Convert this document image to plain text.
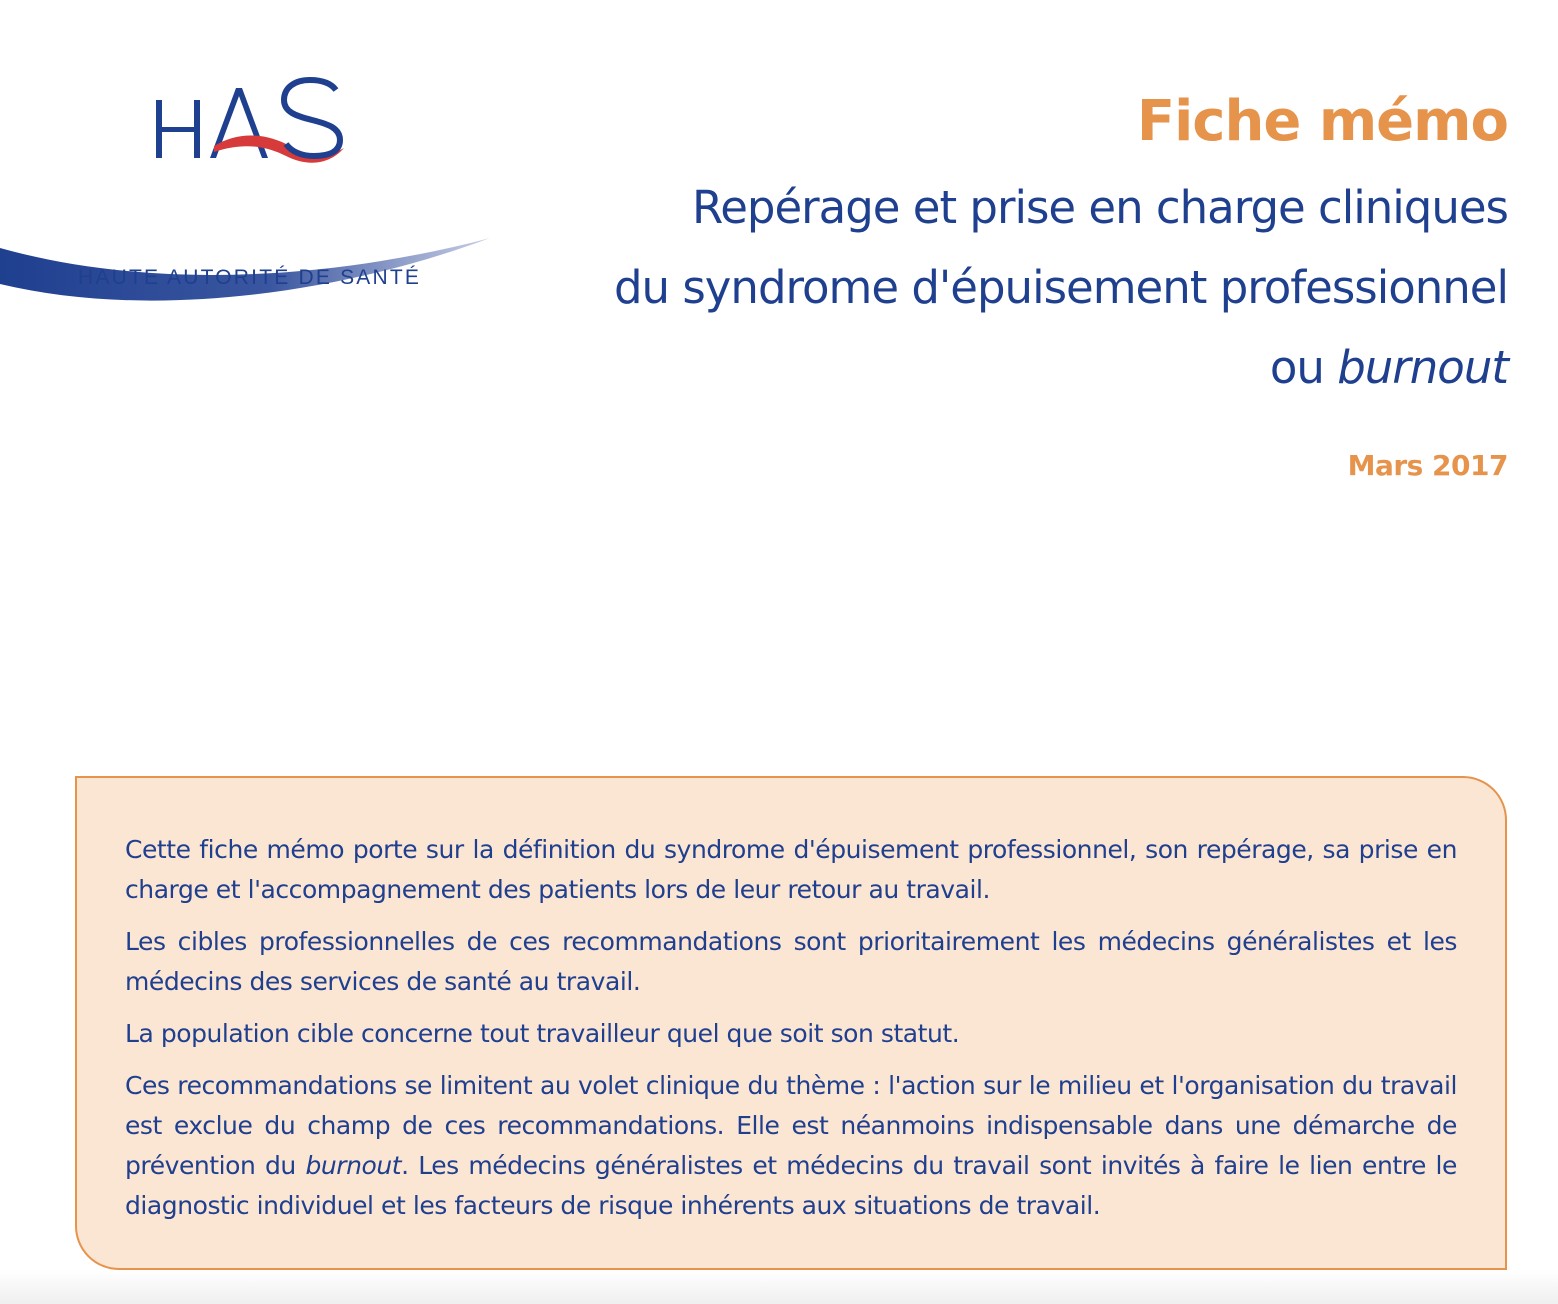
HAUTE AUTORITÉ DE SANTÉ
Fiche mémo
Repérage et prise en charge cliniques
du syndrome d'épuisement professionnel
ou burnout
Mars 2017

Cette fiche mémo porte sur la définition du syndrome d'épuisement professionnel, son repérage, sa prise en charge et l'accompagnement des patients lors de leur retour au travail.

Les cibles professionnelles de ces recommandations sont prioritairement les médecins généralistes et les médecins des services de santé au travail.

La population cible concerne tout travailleur quel que soit son statut.

Ces recommandations se limitent au volet clinique du thème : l'action sur le milieu et l'organisation du travail est exclue du champ de ces recommandations. Elle est néanmoins indispensable dans une démarche de prévention du burnout. Les médecins généralistes et médecins du travail sont invités à faire le lien entre le diagnostic individuel et les facteurs de risque inhérents aux situations de travail.
